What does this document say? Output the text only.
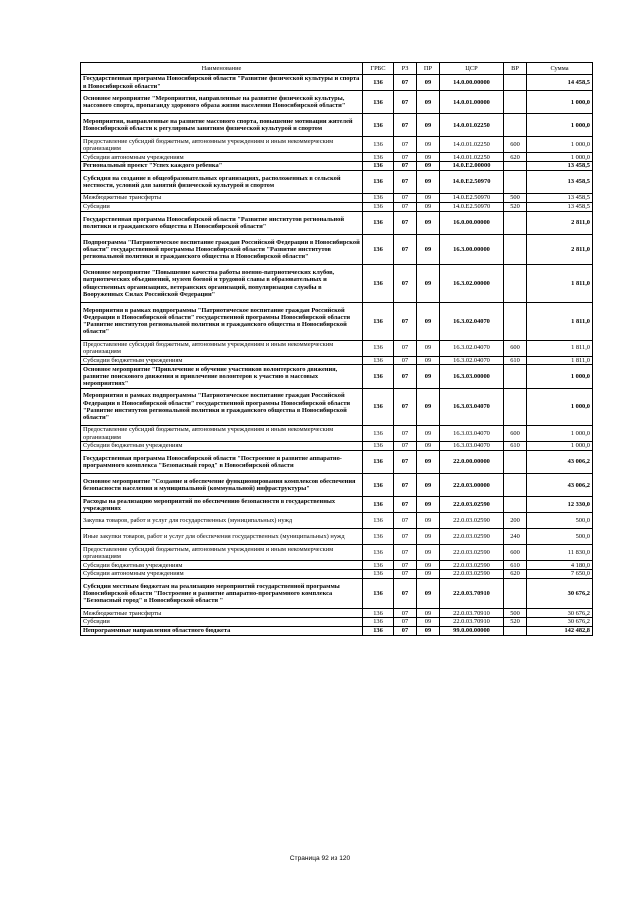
Наименование	ГРБС	РЗ	ПР	ЦСР	ВР	Сумма
Государственная программа Новосибирской области "Развитие физической культуры и спорта в Новосибирской области"	136	07	09	14.0.00.00000		14 458,5
Основное мероприятие "Мероприятия, направленные на развитие физической культуры, массового спорта, пропаганду здорового образа жизни населения Новосибирской области"	136	07	09	14.0.01.00000		1 000,0
Мероприятия, направленные на развитие массового спорта, повышение мотивации жителей Новосибирской области к регулярным занятиям физической культурой и спортом	136	07	09	14.0.01.02250		1 000,0
Предоставление субсидий бюджетным, автономным учреждениям и иным некоммерческим организациям	136	07	09	14.0.01.02250	600	1 000,0
Субсидии автономным учреждениям	136	07	09	14.0.01.02250	620	1 000,0
Региональный проект "Успех каждого ребенка"	136	07	09	14.0.E2.00000		13 458,5
Субсидия на создание в общеобразовательных организациях, расположенных в сельской местности, условий для занятий физической культурой и спортом	136	07	09	14.0.E2.50970		13 458,5
Межбюджетные трансферты	136	07	09	14.0.E2.50970	500	13 458,5
Субсидии	136	07	09	14.0.E2.50970	520	13 458,5
Государственная программа Новосибирской области "Развитие институтов региональной политики и гражданского общества в Новосибирской области"	136	07	09	16.0.00.00000		2 811,0
Подпрограмма "Патриотическое воспитание граждан Российской Федерации в Новосибирской области" государственной программы Новосибирской области "Развитие институтов региональной политики и гражданского общества в Новосибирской области"	136	07	09	16.3.00.00000		2 811,0
Основное мероприятие "Повышение качества работы военно-патриотических клубов, патриотических объединений, музеев боевой и трудовой славы в образовательных и общественных организациях, ветеранских организаций, популяризация службы в Вооруженных Силах Российской Федерации"	136	07	09	16.3.02.00000		1 811,0
Мероприятия в рамках подпрограммы "Патриотическое воспитание граждан Российской Федерации в Новосибирской области" государственной программы Новосибирской области "Развитие институтов региональной политики и гражданского общества в Новосибирской области"	136	07	09	16.3.02.04070		1 811,0
Предоставление субсидий бюджетным, автономным учреждениям и иным некоммерческим организациям	136	07	09	16.3.02.04070	600	1 811,0
Субсидии бюджетным учреждениям	136	07	09	16.3.02.04070	610	1 811,0
Основное мероприятие "Привлечение и обучение участников волонтерского движения, развитие поискового движения и привлечение волонтеров к участию в массовых мероприятиях"	136	07	09	16.3.03.00000		1 000,0
Мероприятия в рамках подпрограммы "Патриотическое воспитание граждан Российской Федерации в Новосибирской области" государственной программы Новосибирской области "Развитие институтов региональной политики и гражданского общества в Новосибирской области"	136	07	09	16.3.03.04070		1 000,0
Предоставление субсидий бюджетным, автономным учреждениям и иным некоммерческим организациям	136	07	09	16.3.03.04070	600	1 000,0
Субсидии бюджетным учреждениям	136	07	09	16.3.03.04070	610	1 000,0
Государственная программа Новосибирской области "Построение и развитие аппаратно-программного комплекса "Безопасный город" в Новосибирской области	136	07	09	22.0.00.00000		43 006,2
Основное мероприятие "Создание и обеспечение функционирования комплексов обеспечения безопасности населения и муниципальной (коммунальной) инфраструктуры"	136	07	09	22.0.03.00000		43 006,2
Расходы на реализацию мероприятий по обеспечению безопасности в государственных учреждениях	136	07	09	22.0.03.02590		12 330,0
Закупка товаров, работ и услуг для государственных (муниципальных) нужд	136	07	09	22.0.03.02590	200	500,0
Иные закупки товаров, работ и услуг для обеспечения государственных (муниципальных) нужд	136	07	09	22.0.03.02590	240	500,0
Предоставление субсидий бюджетным, автономным учреждениям и иным некоммерческим организациям	136	07	09	22.0.03.02590	600	11 830,0
Субсидии бюджетным учреждениям	136	07	09	22.0.03.02590	610	4 180,0
Субсидии автономным учреждениям	136	07	09	22.0.03.02590	620	7 650,0
Субсидии местным бюджетам на реализацию мероприятий государственной программы Новосибирской области "Построение и развитие аппаратно-программного комплекса "Безопасный город" в Новосибирской области "	136	07	09	22.0.03.70910		30 676,2
Межбюджетные трансферты	136	07	09	22.0.03.70910	500	30 676,2
Субсидии	136	07	09	22.0.03.70910	520	30 676,2
Непрограммные направления областного бюджета	136	07	09	99.0.00.00000		142 482,8
Страница 92 из 120
